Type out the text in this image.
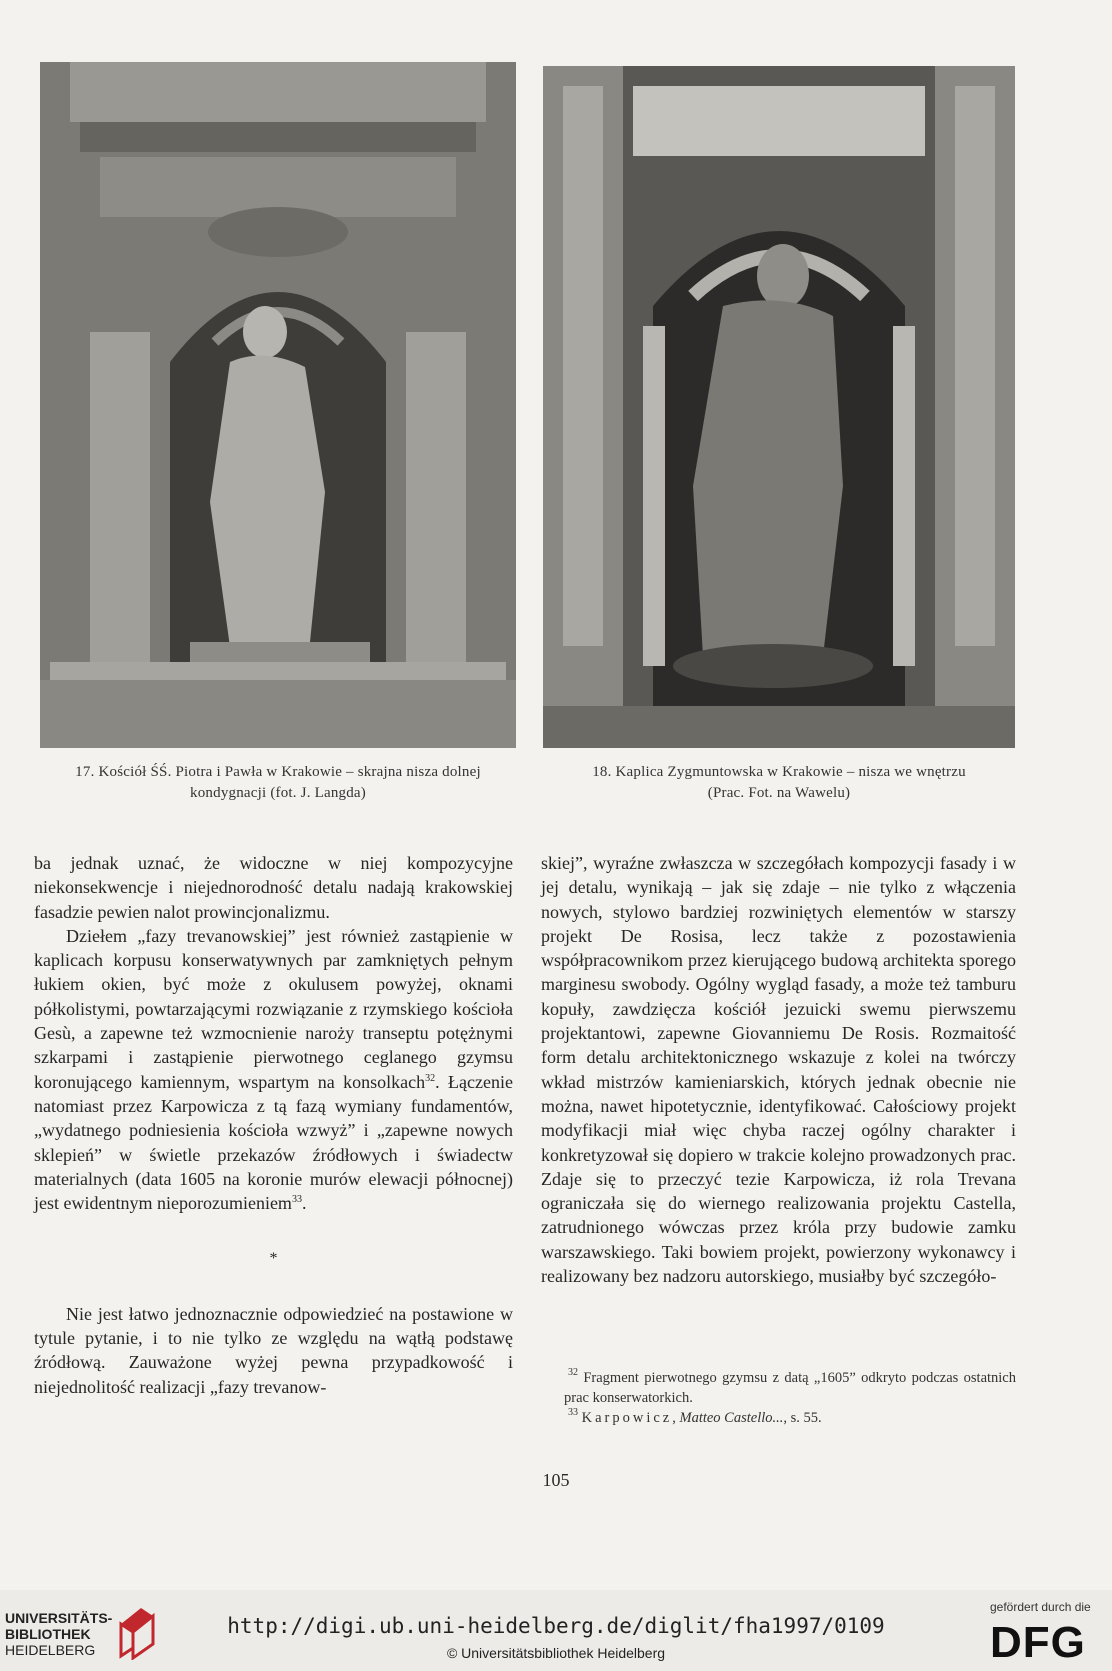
17. Kościół ŚŚ. Piotra i Pawła w Krakowie – skrajna nisza dolnej
kondygnacji (fot. J. Langda)
18. Kaplica Zygmuntowska w Krakowie – nisza we wnętrzu
(Prac. Fot. na Wawelu)

ba jednak uznać, że widoczne w niej kompozycyjne niekonsekwencje i niejednorodność detalu nadają krakowskiej fasadzie pewien nalot prowincjonalizmu.

Dziełem „fazy trevanowskiej” jest również zastąpienie w kaplicach korpusu konserwatywnych par zamkniętych pełnym łukiem okien, być może z okulusem powyżej, oknami półkolistymi, powtarzającymi rozwiązanie z rzymskiego kościoła Gesù, a zapewne też wzmocnienie naroży transeptu potężnymi szkarpami i zastąpienie pierwotnego ceglanego gzymsu koronującego kamiennym, wspartym na konsolkach$^{32}$. Łączenie natomiast przez Karpowicza z tą fazą wymiany fundamentów, „wydatnego podniesienia kościoła wzwyż” i „zapewne nowych sklepień” w świetle przekazów źródłowych i świadectw materialnych (data 1605 na koronie murów elewacji północnej) jest ewidentnym nieporozumieniem$^{33}$.

*

Nie jest łatwo jednoznacznie odpowiedzieć na postawione w tytule pytanie, i to nie tylko ze względu na wątłą podstawę źródłową. Zauważone wyżej pewna przypadkowość i niejednolitość realizacji „fazy trevanow-

skiej”, wyraźne zwłaszcza w szczegółach kompozycji fasady i w jej detalu, wynikają – jak się zdaje – nie tylko z włączenia nowych, stylowo bardziej rozwiniętych elementów w starszy projekt De Rosisa, lecz także z pozostawienia współpracownikom przez kierującego budową architekta sporego marginesu swobody. Ogólny wygląd fasady, a może też tamburu kopuły, zawdzięcza kościół jezuicki swemu pierwszemu projektantowi, zapewne Giovanniemu De Rosis. Rozmaitość form detalu architektonicznego wskazuje z kolei na twórczy wkład mistrzów kamieniarskich, których jednak obecnie nie można, nawet hipotetycznie, identyfikować. Całościowy projekt modyfikacji miał więc chyba raczej ogólny charakter i konkretyzował się dopiero w trakcie kolejno prowadzonych prac. Zdaje się to przeczyć tezie Karpowicza, iż rola Trevana ograniczała się do wiernego realizowania projektu Castella, zatrudnionego wówczas przez króla przy budowie zamku warszawskiego. Taki bowiem projekt, powierzony wykonawcy i realizowany bez nadzoru autorskiego, musiałby być szczegóło-

$^{32}$ Fragment pierwotnego gzymsu z datą „1605” odkryto podczas ostatnich prac konserwatorkich.

$^{33}$ Karpowicz, Matteo Castello..., s. 55.

105
UNIVERSITÄTS-
BIBLIOTHEK
HEIDELBERG
http://digi.ub.uni-heidelberg.de/diglit/fha1997/0109
© Universitätsbibliothek Heidelberg
gefördert durch die
DFG
